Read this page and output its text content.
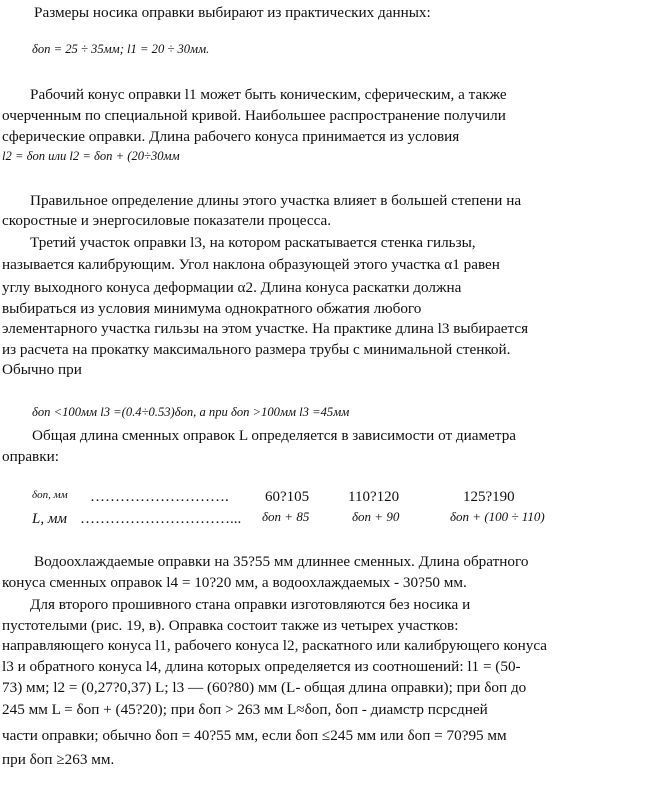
Размеры носика оправки выбирают из практических данных:
δоп = 25 ÷ 35мм; l1 = 20 ÷ 30мм.
Рабочий конус оправки l1 может быть коническим, сферическим, а также
очерченным по специальной кривой. Наибольшее распространение получили
сферические оправки. Длина рабочего конуса принимается из условия
l2 = δоп или l2 = δоп + (20÷30мм
Правильное определение длины этого участка влияет в большей степени на
скоростные и энергосиловые показатели процесса.
Третий участок оправки l3, на котором раскатывается стенка гильзы,
называется калибрующим. Угол наклона образующей этого участка α1 равен
углу выходного конуса деформации α2. Длина конуса раскатки должна
выбираться из условия минимума однократного обжатия любого
элементарного участка гильзы на этом участке. На практике длина l3 выбирается
из расчета на прокатку максимального размера трубы с минимальной стенкой.
Обычно при
δоп <100мм l3 =(0.4÷0.53)δоп, а при δоп >100мм l3 =45мм
Общая длина сменных оправок L определяется в зависимости от диаметра
оправки:
δоп, мм ………………………. 60?105	110?120	125?190
L, мм …………………………... δоп + 85	δоп + 90	δоп + (100 ÷ 110)
Водоохлаждаемые оправки на 35?55 мм длиннее сменных. Длина обратного
конуса сменных оправок l4 = 10?20 мм, а водоохлаждаемых - 30?50 мм.
Для второго прошивного стана оправки изготовляются без носика и
пустотелыми (рис. 19, в). Оправка состоит также из четырех участков:
направляющего конуса l1, рабочего конуса l2, раскатного или калибрующего конуса
l3 и обратного конуса l4, длина которых определяется из соотношений: l1 = (50-
73) мм; l2 = (0,27?0,37) L; l3 — (60?80) мм (L- общая длина оправки); при δоп до
245 мм L = δоп + (45?20); при δоп > 263 мм L≈δоп, δоп - диамстр псрсдней
части оправки; обычно δоп = 40?55 мм, если δоп ≤245 мм или δоп = 70?95 мм
при δоп ≥263 мм.
